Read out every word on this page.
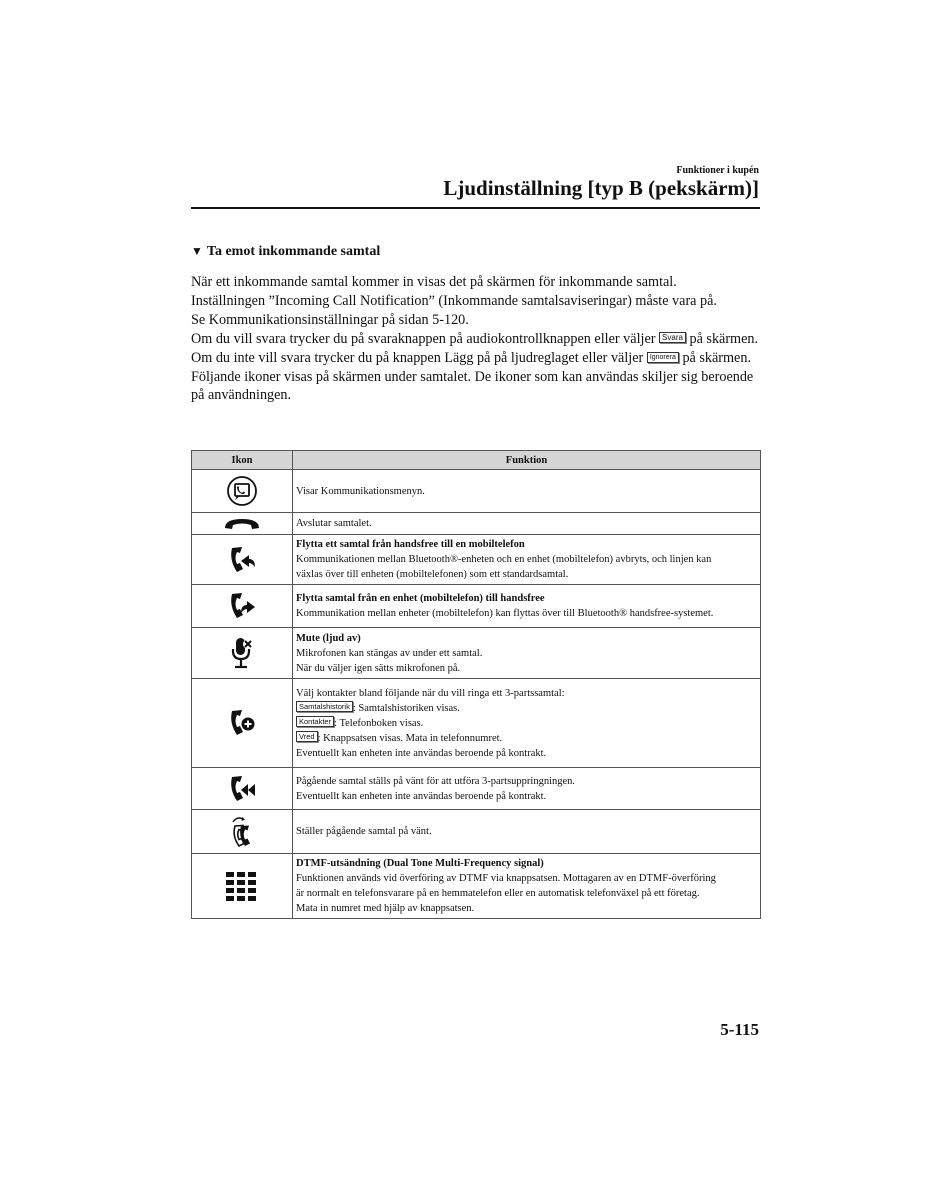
Funktioner i kupén
Ljudinställning [typ B (pekskärm)]
▼ Ta emot inkommande samtal

När ett inkommande samtal kommer in visas det på skärmen för inkommande samtal.

Inställningen ”Incoming Call Notification” (Inkommande samtalsaviseringar) måste vara på.

Se Kommunikationsinställningar på sidan 5-120.

Om du vill svara trycker du på svaraknappen på audiokontrollknappen eller väljer Svara på skärmen.

Om du inte vill svara trycker du på knappen Lägg på på ljudreglaget eller väljer Ignorera på skärmen.

Följande ikoner visas på skärmen under samtalet. De ikoner som kan användas skiljer sig beroende på användningen.

Ikon	Funktion

	Visar Kommunikationsmenyn.

	Avslutar samtalet.

Flytta ett samtal från handsfree till en mobiltelefon
Kommunikationen mellan Bluetooth®-enheten och en enhet (mobiltelefon) avbryts, och linjen kan
växlas över till enheten (mobiltelefonen) som ett standardsamtal.

Flytta samtal från en enhet (mobiltelefon) till handsfree
Kommunikation mellan enheter (mobiltelefon) kan flyttas över till Bluetooth® handsfree-systemet.

Mute (ljud av)
Mikrofonen kan stängas av under ett samtal.
När du väljer igen sätts mikrofonen på.

Välj kontakter bland följande när du vill ringa ett 3-partssamtal:
Samtalshistorik : Samtalshistoriken visas.
Kontakter : Telefonboken visas.
Vred : Knappsatsen visas. Mata in telefonnumret.
Eventuellt kan enheten inte användas beroende på kontrakt.

Pågående samtal ställs på vänt för att utföra 3-partsuppringningen.
Eventuellt kan enheten inte användas beroende på kontrakt.

	Ställer pågående samtal på vänt.

DTMF-utsändning (Dual Tone Multi-Frequency signal)
Funktionen används vid överföring av DTMF via knappsatsen. Mottagaren av en DTMF-överföring
är normalt en telefonsvarare på en hemmatelefon eller en automatisk telefonväxel på ett företag.
Mata in numret med hjälp av knappsatsen.
5-115
